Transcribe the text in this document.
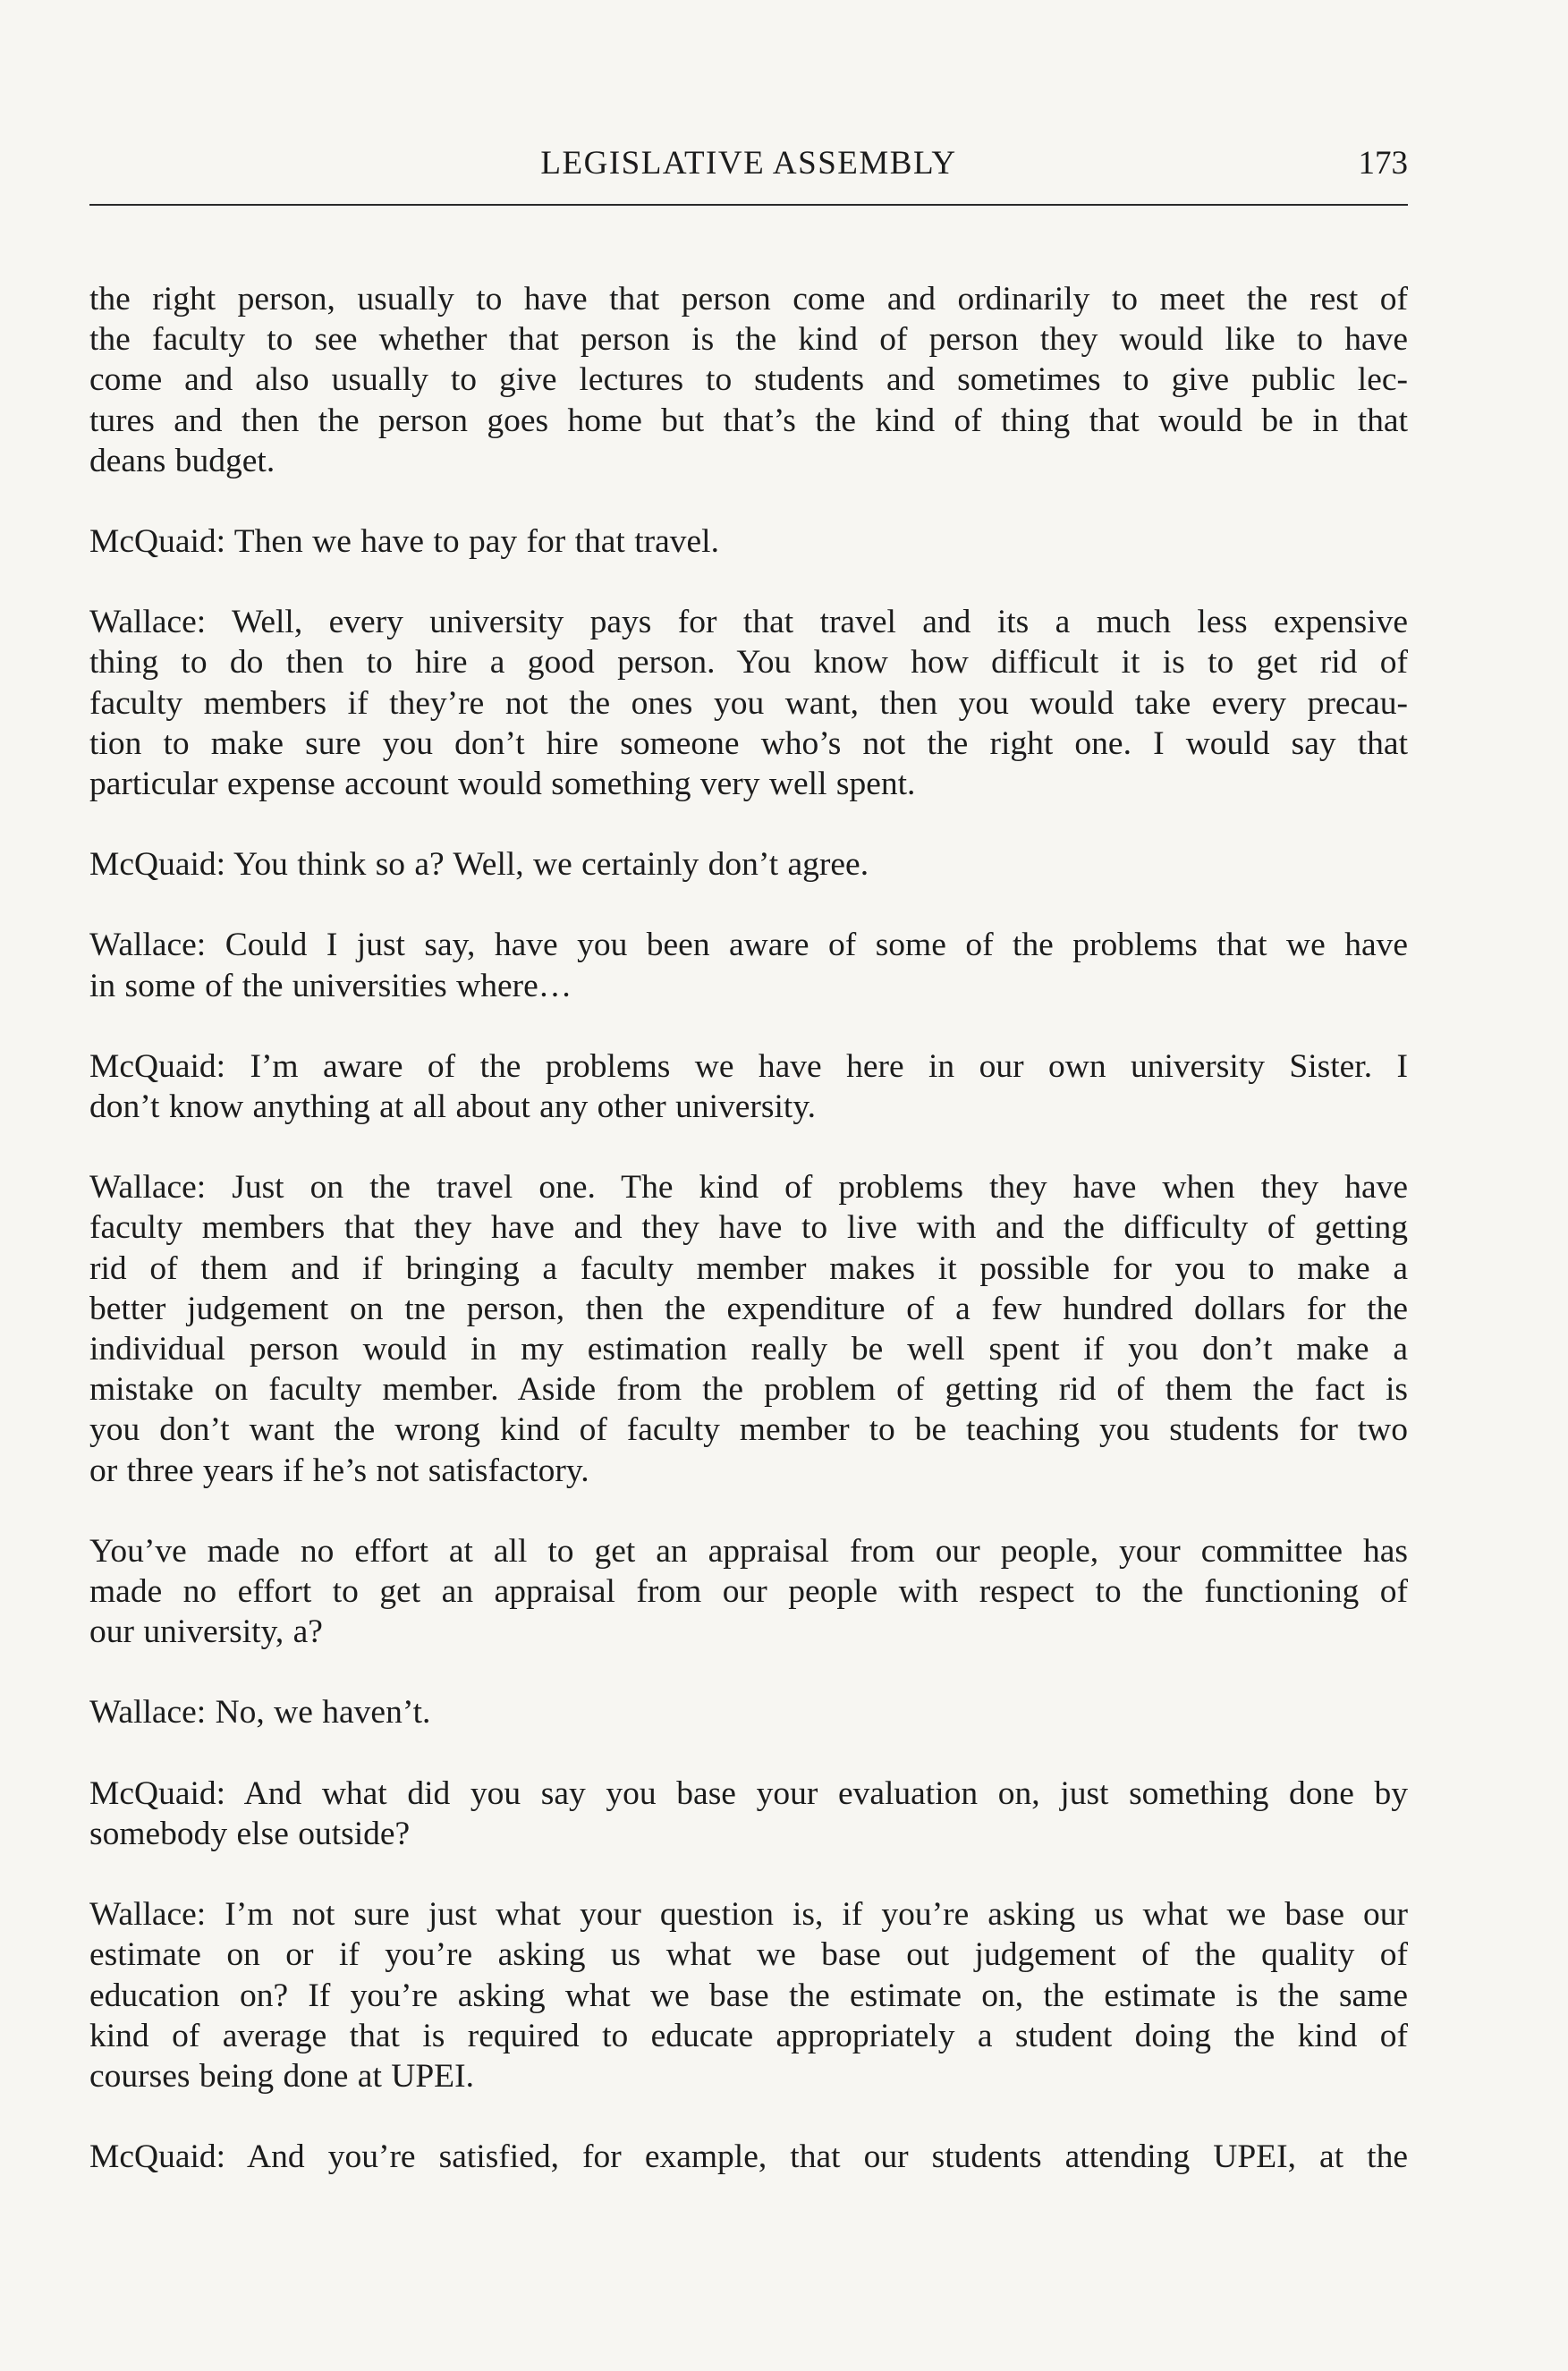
LEGISLATIVE ASSEMBLY	173
the right person, usually to have that person come and ordinarily to meet the rest of
the faculty to see whether that person is the kind of person they would like to have
come and also usually to give lectures to students and sometimes to give public lec-
tures and then the person goes home but that’s the kind of thing that would be in that
deans budget.
McQuaid: Then we have to pay for that travel.
Wallace: Well, every university pays for that travel and its a much less expensive
thing to do then to hire a good person. You know how difficult it is to get rid of
faculty members if they’re not the ones you want, then you would take every precau-
tion to make sure you don’t hire someone who’s not the right one. I would say that
particular expense account would something very well spent.
McQuaid: You think so a? Well, we certainly don’t agree.
Wallace: Could I just say, have you been aware of some of the problems that we have
in some of the universities where…
McQuaid: I’m aware of the problems we have here in our own university Sister. I
don’t know anything at all about any other university.
Wallace: Just on the travel one. The kind of problems they have when they have
faculty members that they have and they have to live with and the difficulty of getting
rid of them and if bringing a faculty member makes it possible for you to make a
better judgement on tne person, then the expenditure of a few hundred dollars for the
individual person would in my estimation really be well spent if you don’t make a
mistake on faculty member. Aside from the problem of getting rid of them the fact is
you don’t want the wrong kind of faculty member to be teaching you students for two
or three years if he’s not satisfactory.
You’ve made no effort at all to get an appraisal from our people, your committee has
made no effort to get an appraisal from our people with respect to the functioning of
our university, a?
Wallace: No, we haven’t.
McQuaid: And what did you say you base your evaluation on, just something done by
somebody else outside?
Wallace: I’m not sure just what your question is, if you’re asking us what we base our
estimate on or if you’re asking us what we base out judgement of the quality of
education on? If you’re asking what we base the estimate on, the estimate is the same
kind of average that is required to educate appropriately a student doing the kind of
courses being done at UPEI.
McQuaid: And you’re satisfied, for example, that our students attending UPEI, at the
